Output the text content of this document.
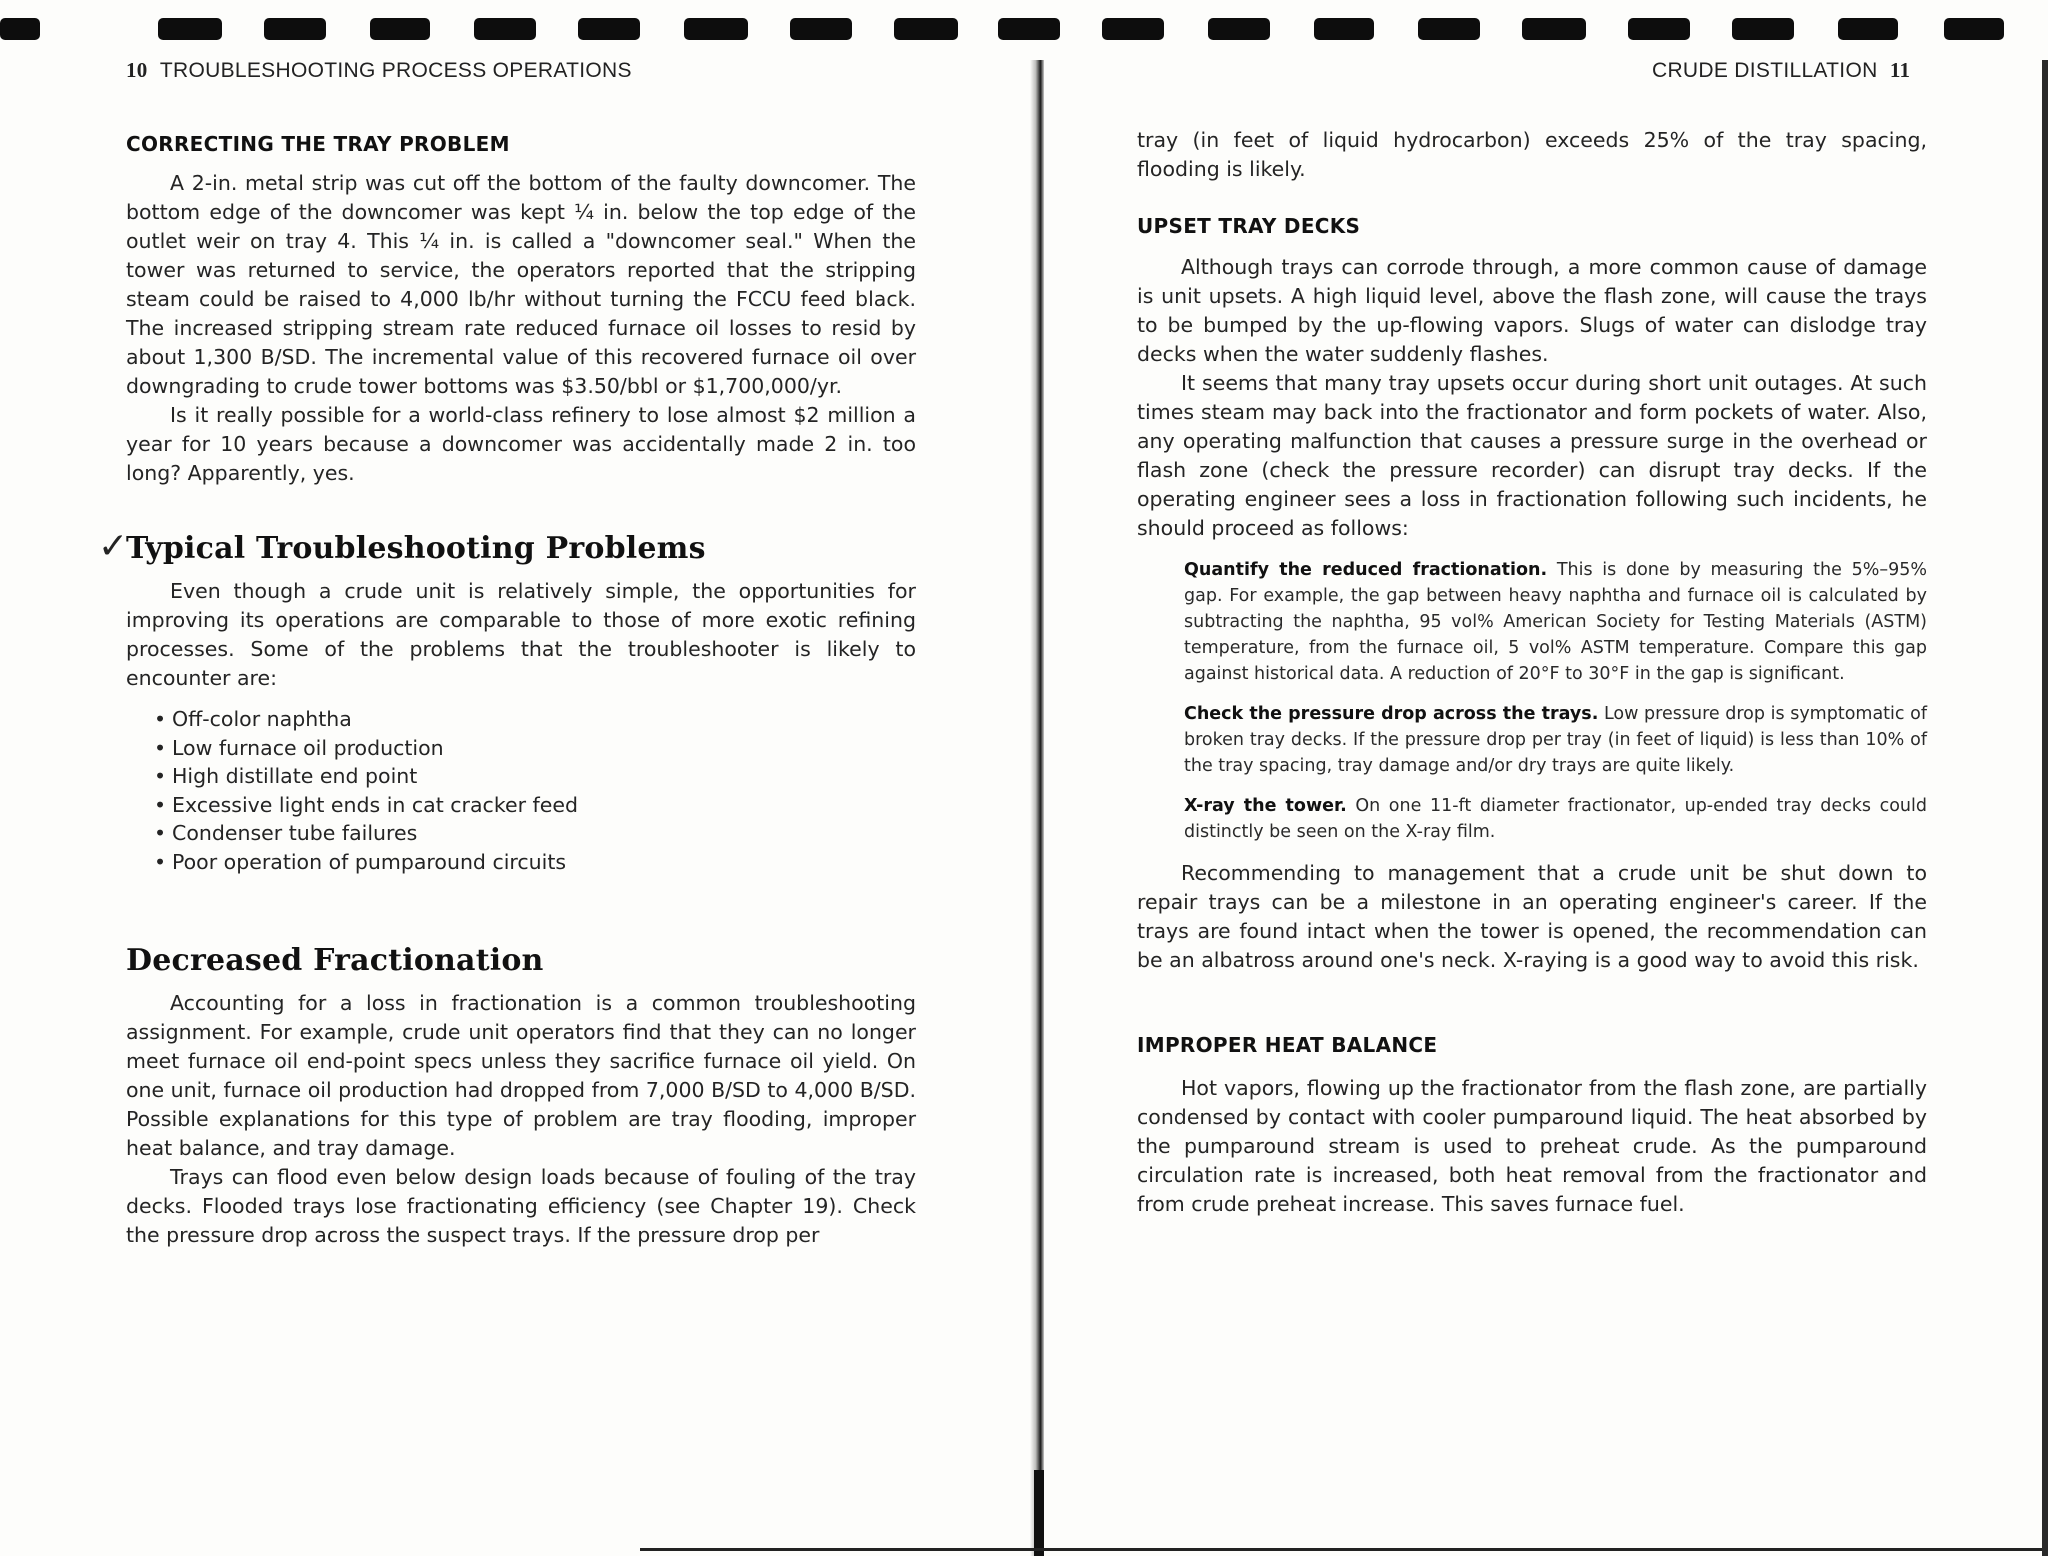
10 TROUBLESHOOTING PROCESS OPERATIONS	CRUDE DISTILLATION 11
CORRECTING THE TRAY PROBLEM

A 2-in. metal strip was cut off the bottom of the faulty downcomer. The bottom edge of the downcomer was kept ¼ in. below the top edge of the outlet weir on tray 4. This ¼ in. is called a "downcomer seal." When the tower was returned to service, the operators reported that the stripping steam could be raised to 4,000 lb/hr without turning the FCCU feed black. The increased stripping stream rate reduced furnace oil losses to resid by about 1,300 B/SD. The incremental value of this recovered furnace oil over downgrading to crude tower bottoms was $3.50/bbl or $1,700,000/yr.

Is it really possible for a world-class refinery to lose almost $2 million a year for 10 years because a downcomer was accidentally made 2 in. too long? Apparently, yes.

✓
Typical Troubleshooting Problems

Even though a crude unit is relatively simple, the opportunities for improving its operations are comparable to those of more exotic refining processes. Some of the problems that the troubleshooter is likely to encounter are:

• Off-color naphtha
• Low furnace oil production
• High distillate end point
• Excessive light ends in cat cracker feed
• Condenser tube failures
• Poor operation of pumparound circuits
Decreased Fractionation

Accounting for a loss in fractionation is a common troubleshooting assignment. For example, crude unit operators find that they can no longer meet furnace oil end-point specs unless they sacrifice furnace oil yield. On one unit, furnace oil production had dropped from 7,000 B/SD to 4,000 B/SD. Possible explanations for this type of problem are tray flooding, improper heat balance, and tray damage.

Trays can flood even below design loads because of fouling of the tray decks. Flooded trays lose fractionating efficiency (see Chapter 19). Check the pressure drop across the suspect trays. If the pressure drop per

tray (in feet of liquid hydrocarbon) exceeds 25% of the tray spacing, flooding is likely.

UPSET TRAY DECKS

Although trays can corrode through, a more common cause of damage is unit upsets. A high liquid level, above the flash zone, will cause the trays to be bumped by the up-flowing vapors. Slugs of water can dislodge tray decks when the water suddenly flashes.

It seems that many tray upsets occur during short unit outages. At such times steam may back into the fractionator and form pockets of water. Also, any operating malfunction that causes a pressure surge in the overhead or flash zone (check the pressure recorder) can disrupt tray decks. If the operating engineer sees a loss in fractionation following such incidents, he should proceed as follows:

Quantify the reduced fractionation. This is done by measuring the 5%–95% gap. For example, the gap between heavy naphtha and furnace oil is calculated by subtracting the naphtha, 95 vol% American Society for Testing Materials (ASTM) temperature, from the furnace oil, 5 vol% ASTM temperature. Compare this gap against historical data. A reduction of 20°F to 30°F in the gap is significant.

Check the pressure drop across the trays. Low pressure drop is symptomatic of broken tray decks. If the pressure drop per tray (in feet of liquid) is less than 10% of the tray spacing, tray damage and/or dry trays are quite likely.

X-ray the tower. On one 11-ft diameter fractionator, up-ended tray decks could distinctly be seen on the X-ray film.

Recommending to management that a crude unit be shut down to repair trays can be a milestone in an operating engineer's career. If the trays are found intact when the tower is opened, the recommendation can be an albatross around one's neck. X-raying is a good way to avoid this risk.

IMPROPER HEAT BALANCE

Hot vapors, flowing up the fractionator from the flash zone, are partially condensed by contact with cooler pumparound liquid. The heat absorbed by the pumparound stream is used to preheat crude. As the pumparound circulation rate is increased, both heat removal from the fractionator and from crude preheat increase. This saves furnace fuel.
